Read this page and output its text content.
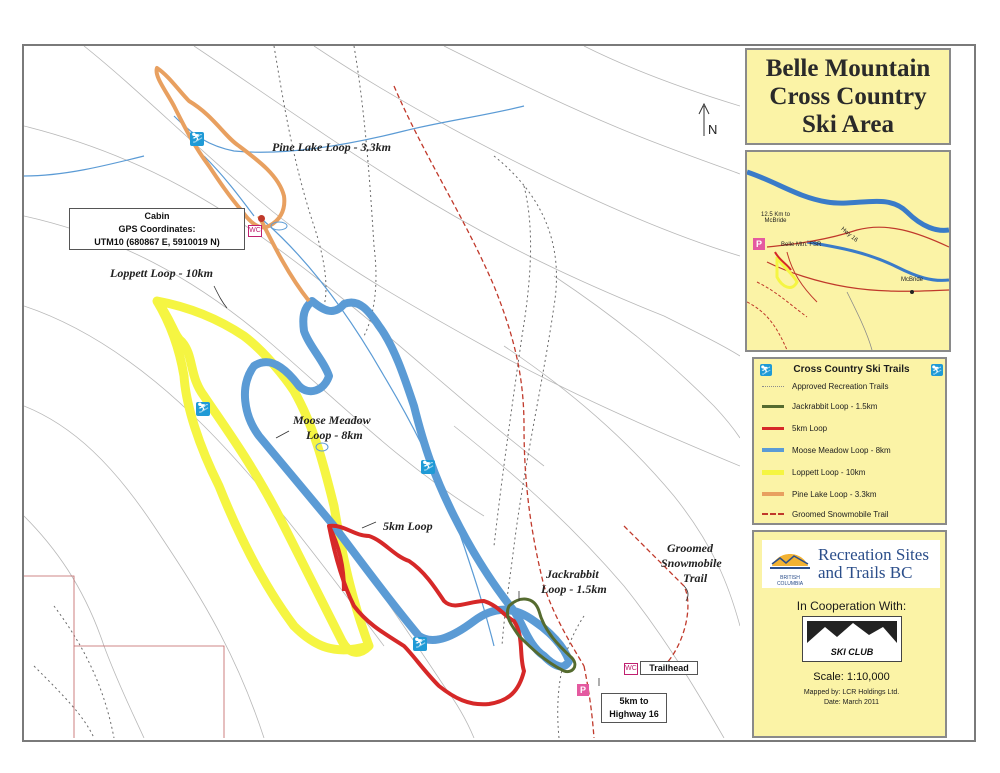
N
⛷
⛷
⛷
⛷
WC
P
WC
Pine Lake Loop - 3.3km
Loppett Loop - 10km
Moose Meadow
Loop - 8km
5km Loop
Jackrabbit
Loop - 1.5km
Groomed
Snowmobile
Trail
Cabin
GPS Coordinates:
UTM10 (680867 E, 5910019 N)
Trailhead
5km to
Highway 16
Belle Mountain
Cross Country
Ski Area
P
12.5 Km to
McBride
Belle Mtn. FSR
Hwy 16
McBride
⛷ Cross Country Ski Trails ⛷
Approved Recreation Trails
Jackrabbit Loop - 1.5km
5km Loop
Moose Meadow Loop - 8km
Loppett Loop - 10km
Pine Lake Loop - 3.3km
Groomed Snowmobile Trail
BRITISH
COLUMBIA
Recreation Sites
and Trails BC
In Cooperation With:
SKI CLUB
Scale: 1:10,000
Mapped by: LCR Holdings Ltd.
Date: March 2011
